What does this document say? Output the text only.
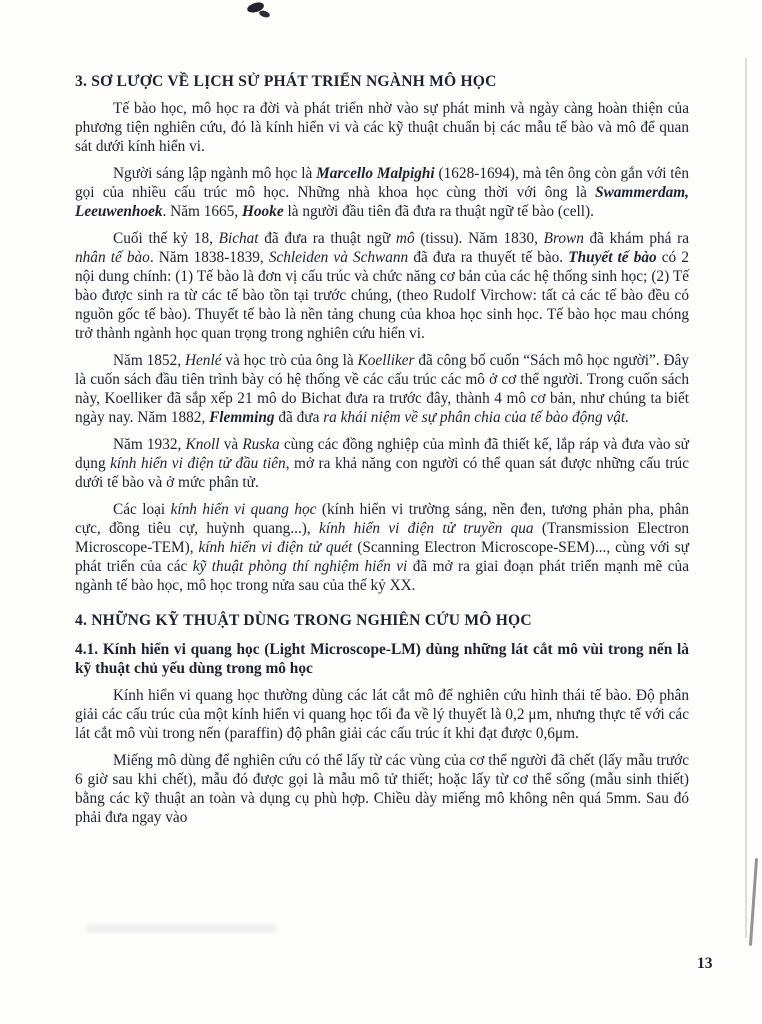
3. SƠ LƯỢC VỀ LỊCH SỬ PHÁT TRIỂN NGÀNH MÔ HỌC

Tế bào học, mô học ra đời và phát triển nhờ vào sự phát minh và ngày càng hoàn thiện của phương tiện nghiên cứu, đó là kính hiển vi và các kỹ thuật chuẩn bị các mẫu tế bào và mô để quan sát dưới kính hiển vi.

Người sáng lập ngành mô học là Marcello Malpighi (1628-1694), mà tên ông còn gắn với tên gọi của nhiều cấu trúc mô học. Những nhà khoa học cùng thời với ông là Swammerdam, Leeuwenhoek. Năm 1665, Hooke là người đầu tiên đã đưa ra thuật ngữ tế bào (cell).

Cuối thế kỷ 18, Bichat đã đưa ra thuật ngữ mô (tissu). Năm 1830, Brown đã khám phá ra nhân tế bào. Năm 1838-1839, Schleiden và Schwann đã đưa ra thuyết tế bào. Thuyết tế bào có 2 nội dung chính: (1) Tế bào là đơn vị cấu trúc và chức năng cơ bản của các hệ thống sinh học; (2) Tế bào được sinh ra từ các tế bào tồn tại trước chúng, (theo Rudolf Virchow: tất cả các tế bào đều có nguồn gốc tế bào). Thuyết tế bào là nền tảng chung của khoa học sinh học. Tế bào học mau chóng trở thành ngành học quan trọng trong nghiên cứu hiển vi.

Năm 1852, Henlé và học trò của ông là Koelliker đã công bố cuốn “Sách mô học người”. Đây là cuốn sách đầu tiên trình bày có hệ thống về các cấu trúc các mô ở cơ thể người. Trong cuốn sách này, Koelliker đã sắp xếp 21 mô do Bichat đưa ra trước đây, thành 4 mô cơ bản, như chúng ta biết ngày nay. Năm 1882, Flemming đã đưa ra khái niệm về sự phân chia của tế bào động vật.

Năm 1932, Knoll và Ruska cùng các đồng nghiệp của mình đã thiết kế, lắp ráp và đưa vào sử dụng kính hiển vi điện tử đầu tiên, mở ra khả năng con người có thể quan sát được những cấu trúc dưới tế bào và ở mức phân tử.

Các loại kính hiển vi quang học (kính hiển vi trường sáng, nền đen, tương phản pha, phân cực, đồng tiêu cự, huỳnh quang...), kính hiển vi điện tử truyền qua (Transmission Electron Microscope-TEM), kính hiển vi điện tử quét (Scanning Electron Microscope-SEM)..., cùng với sự phát triển của các kỹ thuật phòng thí nghiệm hiển vi đã mở ra giai đoạn phát triển mạnh mẽ của ngành tế bào học, mô học trong nửa sau của thế kỷ XX.

4. NHỮNG KỸ THUẬT DÙNG TRONG NGHIÊN CỨU MÔ HỌC
4.1. Kính hiển vi quang học (Light Microscope-LM) dùng những lát cắt mô vùi trong nến là kỹ thuật chủ yếu dùng trong mô học

Kính hiển vi quang học thường dùng các lát cắt mô để nghiên cứu hình thái tế bào. Độ phân giải các cấu trúc của một kính hiển vi quang học tối đa về lý thuyết là 0,2 μm, nhưng thực tế với các lát cắt mô vùi trong nến (paraffin) độ phân giải các cấu trúc ít khi đạt được 0,6μm.

Miếng mô dùng để nghiên cứu có thể lấy từ các vùng của cơ thể người đã chết (lấy mẫu trước 6 giờ sau khi chết), mẫu đó được gọi là mẫu mô tử thiết; hoặc lấy từ cơ thể sống (mẫu sinh thiết) bằng các kỹ thuật an toàn và dụng cụ phù hợp. Chiều dày miếng mô không nên quá 5mm. Sau đó phải đưa ngay vào

13
